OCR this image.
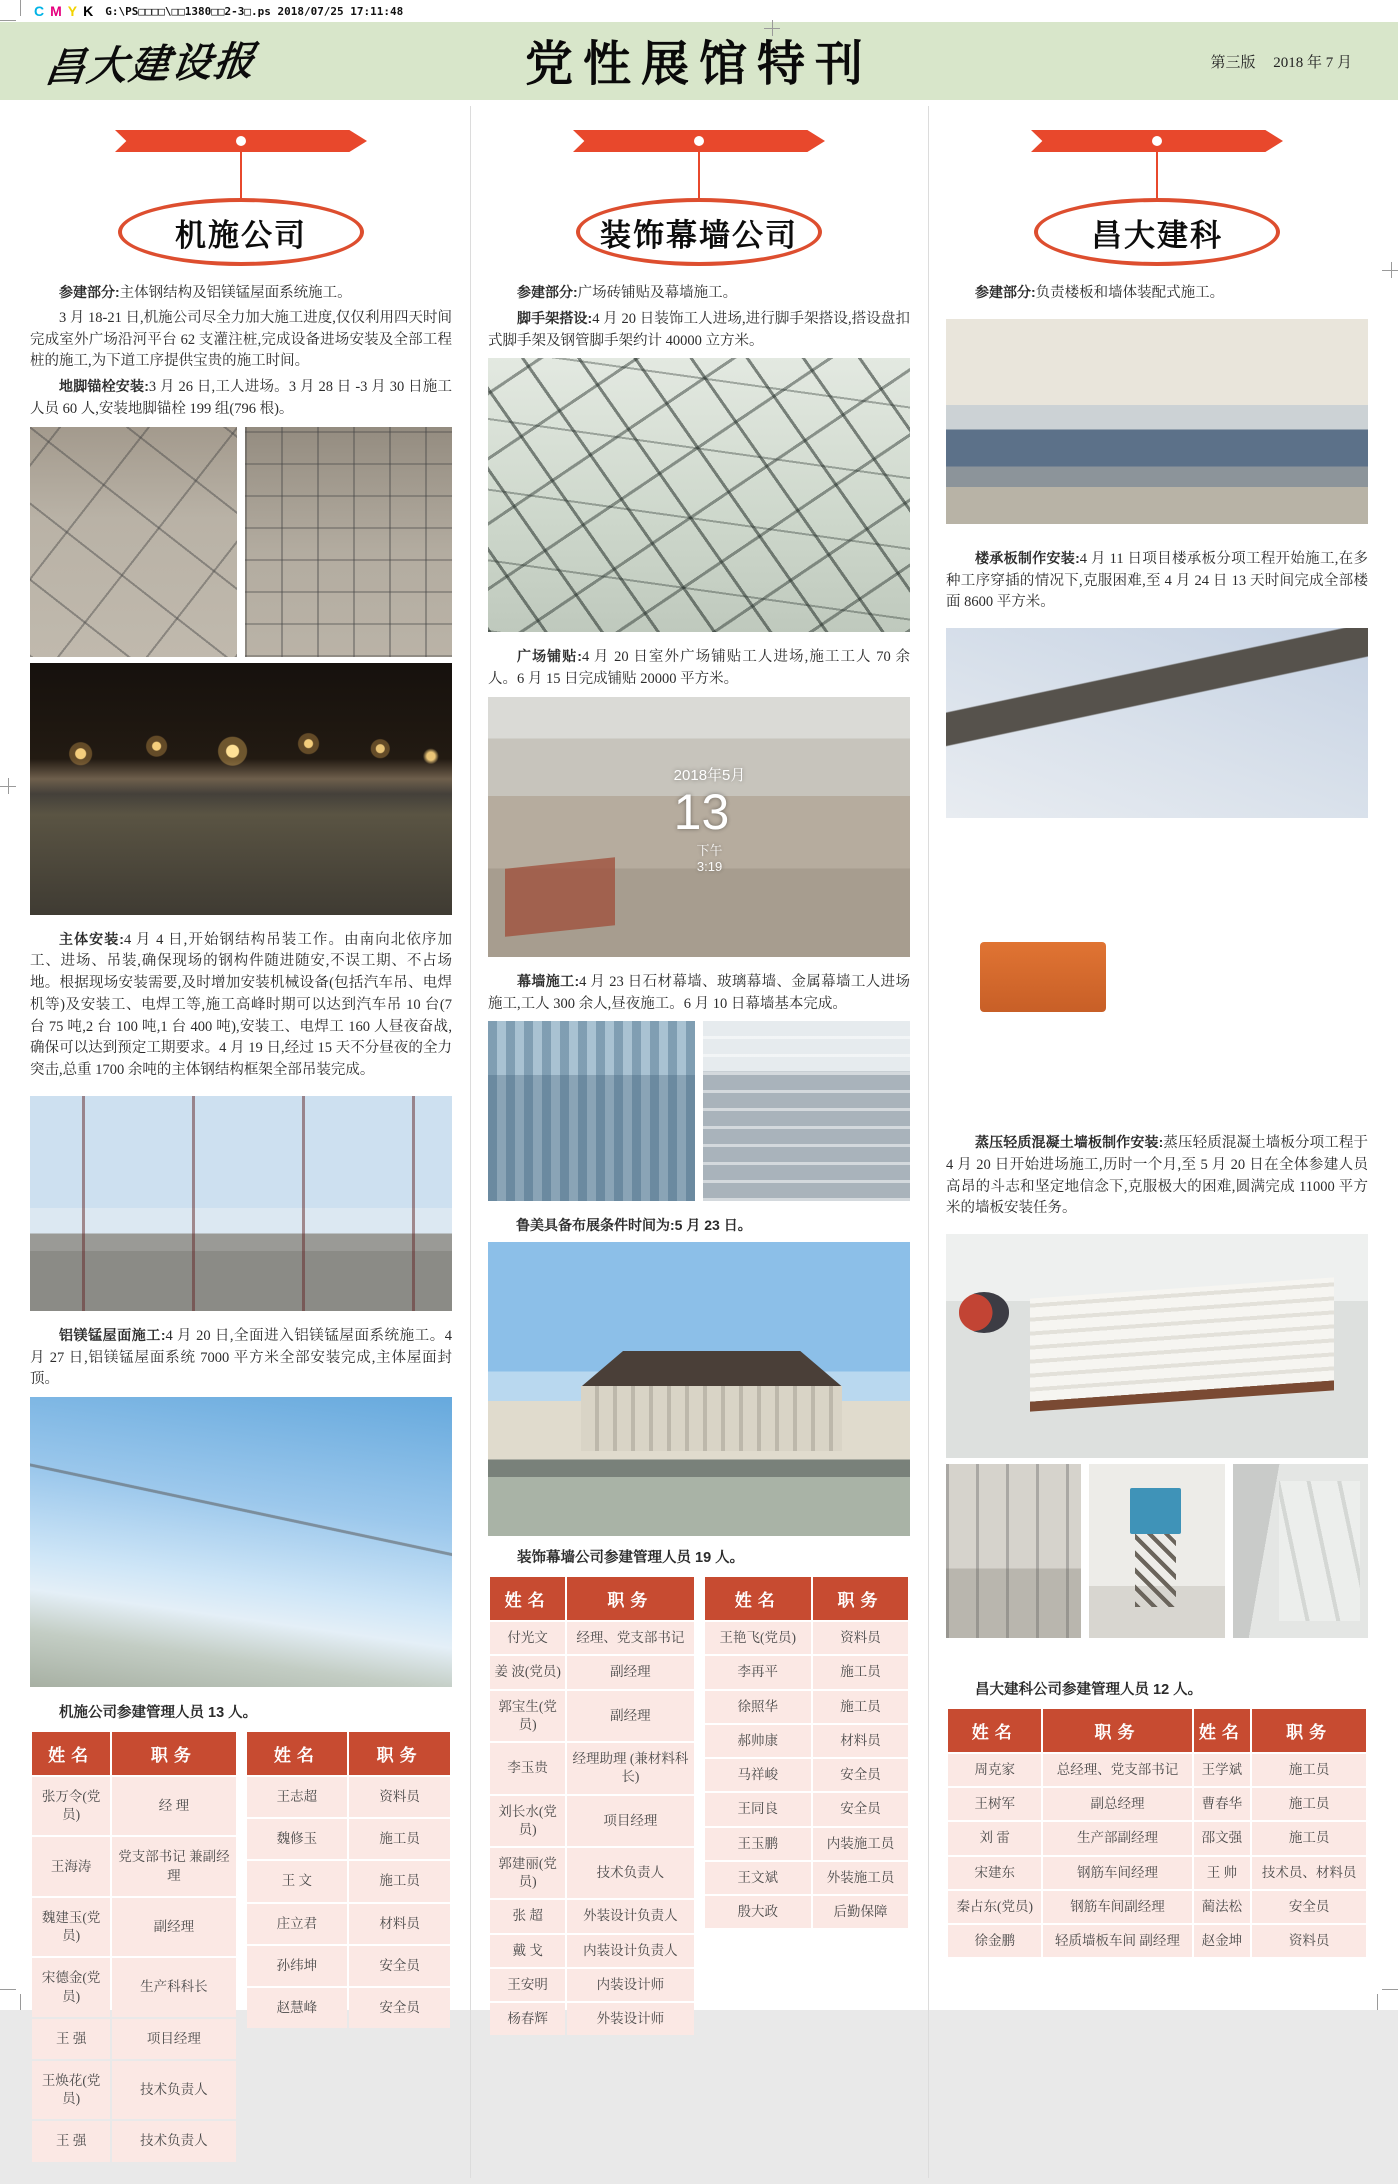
C M Y K G:\PS□□□□\□□1380□□2-3□.ps 2018/07/25 17:11:48
昌大建设报	党性展馆特刊	第三版 2018 年 7 月
机施公司

参建部分:主体钢结构及铝镁锰屋面系统施工。

3 月 18-21 日,机施公司尽全力加大施工进度,仅仅利用四天时间完成室外广场沿河平台 62 支灌注桩,完成设备进场安装及全部工程桩的施工,为下道工序提供宝贵的施工时间。

地脚锚栓安装:3 月 26 日,工人进场。3 月 28 日 -3 月 30 日施工人员 60 人,安装地脚锚栓 199 组(796 根)。

主体安装:4 月 4 日,开始钢结构吊装工作。由南向北依序加工、进场、吊装,确保现场的钢构件随进随安,不误工期、不占场地。根据现场安装需要,及时增加安装机械设备(包括汽车吊、电焊机等)及安装工、电焊工等,施工高峰时期可以达到汽车吊 10 台(7 台 75 吨,2 台 100 吨,1 台 400 吨),安装工、电焊工 160 人昼夜奋战,确保可以达到预定工期要求。4 月 19 日,经过 15 天不分昼夜的全力突击,总重 1700 余吨的主体钢结构框架全部吊装完成。

铝镁锰屋面施工:4 月 20 日,全面进入铝镁锰屋面系统施工。4 月 27 日,铝镁锰屋面系统 7000 平方米全部安装完成,主体屋面封顶。

机施公司参建管理人员 13 人。

姓名	职务
张万令(党员)	经 理
王海涛	党支部书记 兼副经理
魏建玉(党员)	副经理
宋德金(党员)	生产科科长
王 强	项目经理
王焕花(党员)	技术负责人
王 强	技术负责人
姓名	职务
王志超	资料员
魏修玉	施工员
王 文	施工员
庄立君	材料员
孙纬坤	安全员
赵慧峰	安全员
装饰幕墙公司

参建部分:广场砖铺贴及幕墙施工。

脚手架搭设:4 月 20 日装饰工人进场,进行脚手架搭设,搭设盘扣式脚手架及钢管脚手架约计 40000 立方米。

广场铺贴:4 月 20 日室外广场铺贴工人进场,施工工人 70 余人。6 月 15 日完成铺贴 20000 平方米。

2018年5月
13
下午
3:19

幕墙施工:4 月 23 日石材幕墙、玻璃幕墙、金属幕墙工人进场施工,工人 300 余人,昼夜施工。6 月 10 日幕墙基本完成。

鲁美具备布展条件时间为:5 月 23 日。

装饰幕墙公司参建管理人员 19 人。

姓名	职务
付光文	经理、党支部书记
姜 波(党员)	副经理
郭宝生(党员)	副经理
李玉贵	经理助理 (兼材料科长)
刘长水(党员)	项目经理
郭建丽(党员)	技术负责人
张 超	外装设计负责人
戴 戈	内装设计负责人
王安明	内装设计师
杨春辉	外装设计师
姓名	职务
王艳飞(党员)	资料员
李再平	施工员
徐照华	施工员
郝帅康	材料员
马祥峻	安全员
王同良	安全员
王玉鹏	内装施工员
王文斌	外装施工员
殷大政	后勤保障
昌大建科

参建部分:负责楼板和墙体装配式施工。

楼承板制作安装:4 月 11 日项目楼承板分项工程开始施工,在多种工序穿插的情况下,克服困难,至 4 月 24 日 13 天时间完成全部楼面 8600 平方米。

蒸压轻质混凝土墙板制作安装:蒸压轻质混凝土墙板分项工程于 4 月 20 日开始进场施工,历时一个月,至 5 月 20 日在全体参建人员高昂的斗志和坚定地信念下,克服极大的困难,圆满完成 11000 平方米的墙板安装任务。

昌大建科公司参建管理人员 12 人。

姓名	职务	姓名	职务
周克家	总经理、党支部书记	王学斌	施工员
王树军	副总经理	曹春华	施工员
刘 雷	生产部副经理	邵文强	施工员
宋建东	钢筋车间经理	王 帅	技术员、材料员
秦占东(党员)	钢筋车间副经理	蔺法松	安全员
徐金鹏	轻质墙板车间 副经理	赵金坤	资料员
